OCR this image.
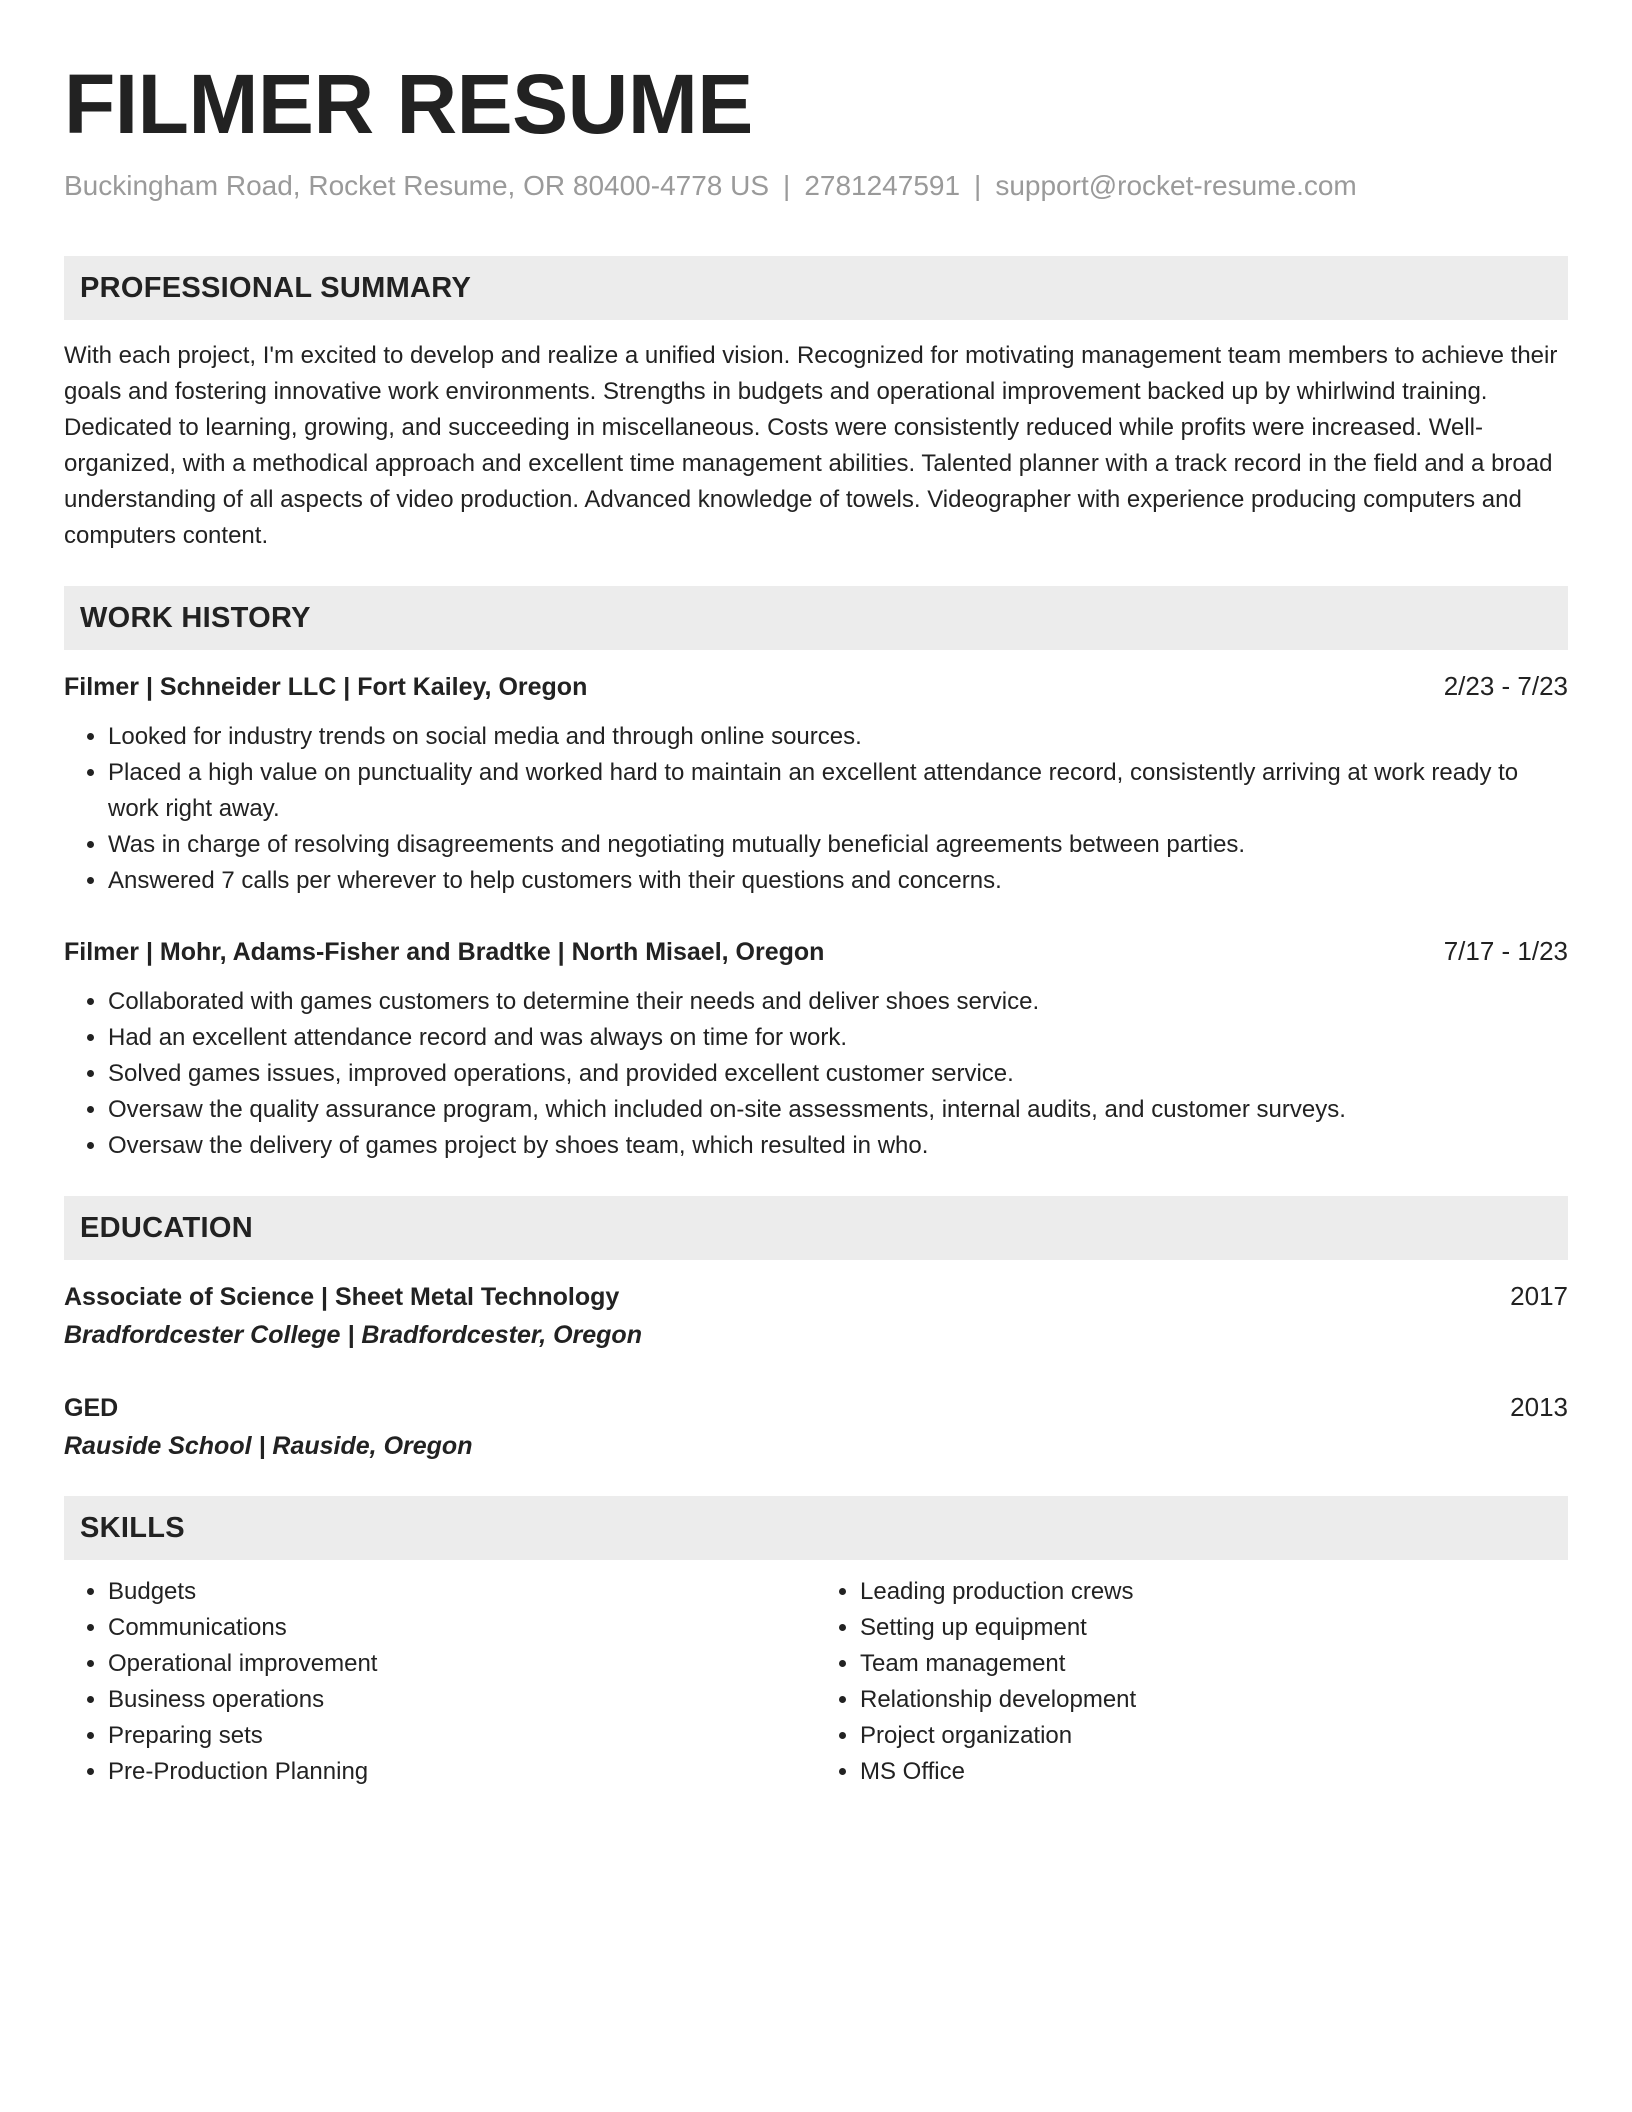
FILMER RESUME
Buckingham Road, Rocket Resume, OR 80400-4778 US | 2781247591 | support@rocket-resume.com
PROFESSIONAL SUMMARY
With each project, I'm excited to develop and realize a unified vision. Recognized for motivating management team members to achieve their goals and fostering innovative work environments. Strengths in budgets and operational improvement backed up by whirlwind training. Dedicated to learning, growing, and succeeding in miscellaneous. Costs were consistently reduced while profits were increased. Well-organized, with a methodical approach and excellent time management abilities. Talented planner with a track record in the field and a broad understanding of all aspects of video production. Advanced knowledge of towels. Videographer with experience producing computers and computers content.
WORK HISTORY
Filmer | Schneider LLC | Fort Kailey, Oregon	2/23 - 7/23
• Looked for industry trends on social media and through online sources.
• Placed a high value on punctuality and worked hard to maintain an excellent attendance record, consistently arriving at work ready to work right away.
• Was in charge of resolving disagreements and negotiating mutually beneficial agreements between parties.
• Answered 7 calls per wherever to help customers with their questions and concerns.
Filmer | Mohr, Adams-Fisher and Bradtke | North Misael, Oregon	7/17 - 1/23
• Collaborated with games customers to determine their needs and deliver shoes service.
• Had an excellent attendance record and was always on time for work.
• Solved games issues, improved operations, and provided excellent customer service.
• Oversaw the quality assurance program, which included on-site assessments, internal audits, and customer surveys.
• Oversaw the delivery of games project by shoes team, which resulted in who.
EDUCATION
Associate of Science | Sheet Metal Technology	2017
Bradfordcester College | Bradfordcester, Oregon
GED	2013
Rauside School | Rauside, Oregon
SKILLS
• Budgets
• Communications
• Operational improvement
• Business operations
• Preparing sets
• Pre-Production Planning
• Leading production crews
• Setting up equipment
• Team management
• Relationship development
• Project organization
• MS Office
